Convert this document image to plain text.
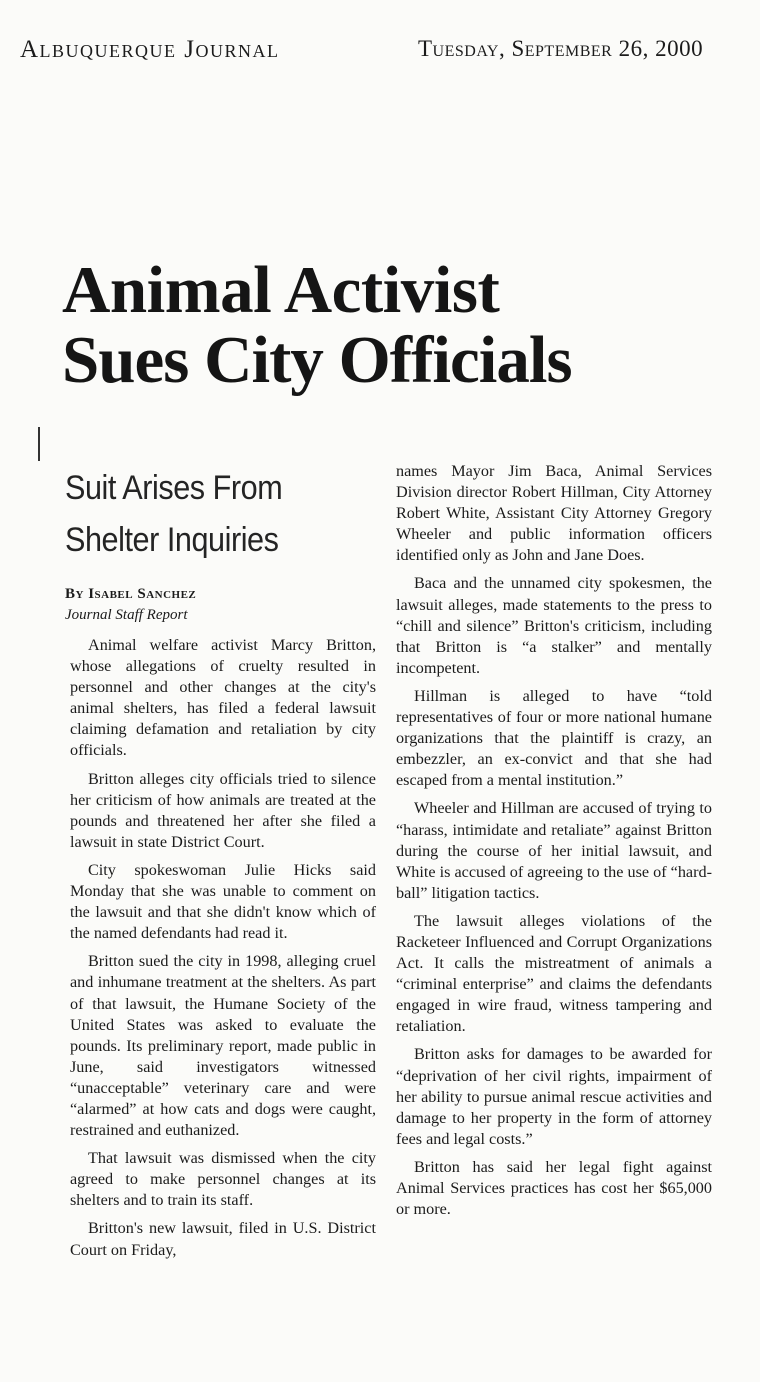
Albuquerque Journal	Tuesday, September 26, 2000
Animal Activist
Sues City Officials
Suit Arises From
Shelter Inquiries
By Isabel Sanchez
Journal Staff Report

Animal welfare activist Marcy Britton, whose allegations of cruelty resulted in personnel and other changes at the city's animal shelters, has filed a federal lawsuit claiming defamation and retaliation by city officials.

Britton alleges city officials tried to silence her criticism of how animals are treated at the pounds and threatened her after she filed a lawsuit in state District Court.

City spokeswoman Julie Hicks said Monday that she was unable to comment on the lawsuit and that she didn't know which of the named defendants had read it.

Britton sued the city in 1998, alleging cruel and inhumane treatment at the shelters. As part of that lawsuit, the Humane Society of the United States was asked to evaluate the pounds. Its preliminary report, made public in June, said investigators witnessed “unacceptable” veterinary care and were “alarmed” at how cats and dogs were caught, restrained and euthanized.

That lawsuit was dismissed when the city agreed to make personnel changes at its shelters and to train its staff.

Britton's new lawsuit, filed in U.S. District Court on Friday,

names Mayor Jim Baca, Animal Services Division director Robert Hillman, City Attorney Robert White, Assistant City Attorney Gregory Wheeler and public information officers identified only as John and Jane Does.

Baca and the unnamed city spokesmen, the lawsuit alleges, made statements to the press to “chill and silence” Britton's criticism, including that Britton is “a stalker” and mentally incompetent.

Hillman is alleged to have “told representatives of four or more national humane organizations that the plaintiff is crazy, an embezzler, an ex-convict and that she had escaped from a mental institution.”

Wheeler and Hillman are accused of trying to “harass, intimidate and retaliate” against Britton during the course of her initial lawsuit, and White is accused of agreeing to the use of “hard-ball” litigation tactics.

The lawsuit alleges violations of the Racketeer Influenced and Corrupt Organizations Act. It calls the mistreatment of animals a “criminal enterprise” and claims the defendants engaged in wire fraud, witness tampering and retaliation.

Britton asks for damages to be awarded for “deprivation of her civil rights, impairment of her ability to pursue animal rescue activities and damage to her property in the form of attorney fees and legal costs.”

Britton has said her legal fight against Animal Services practices has cost her $65,000 or more.
